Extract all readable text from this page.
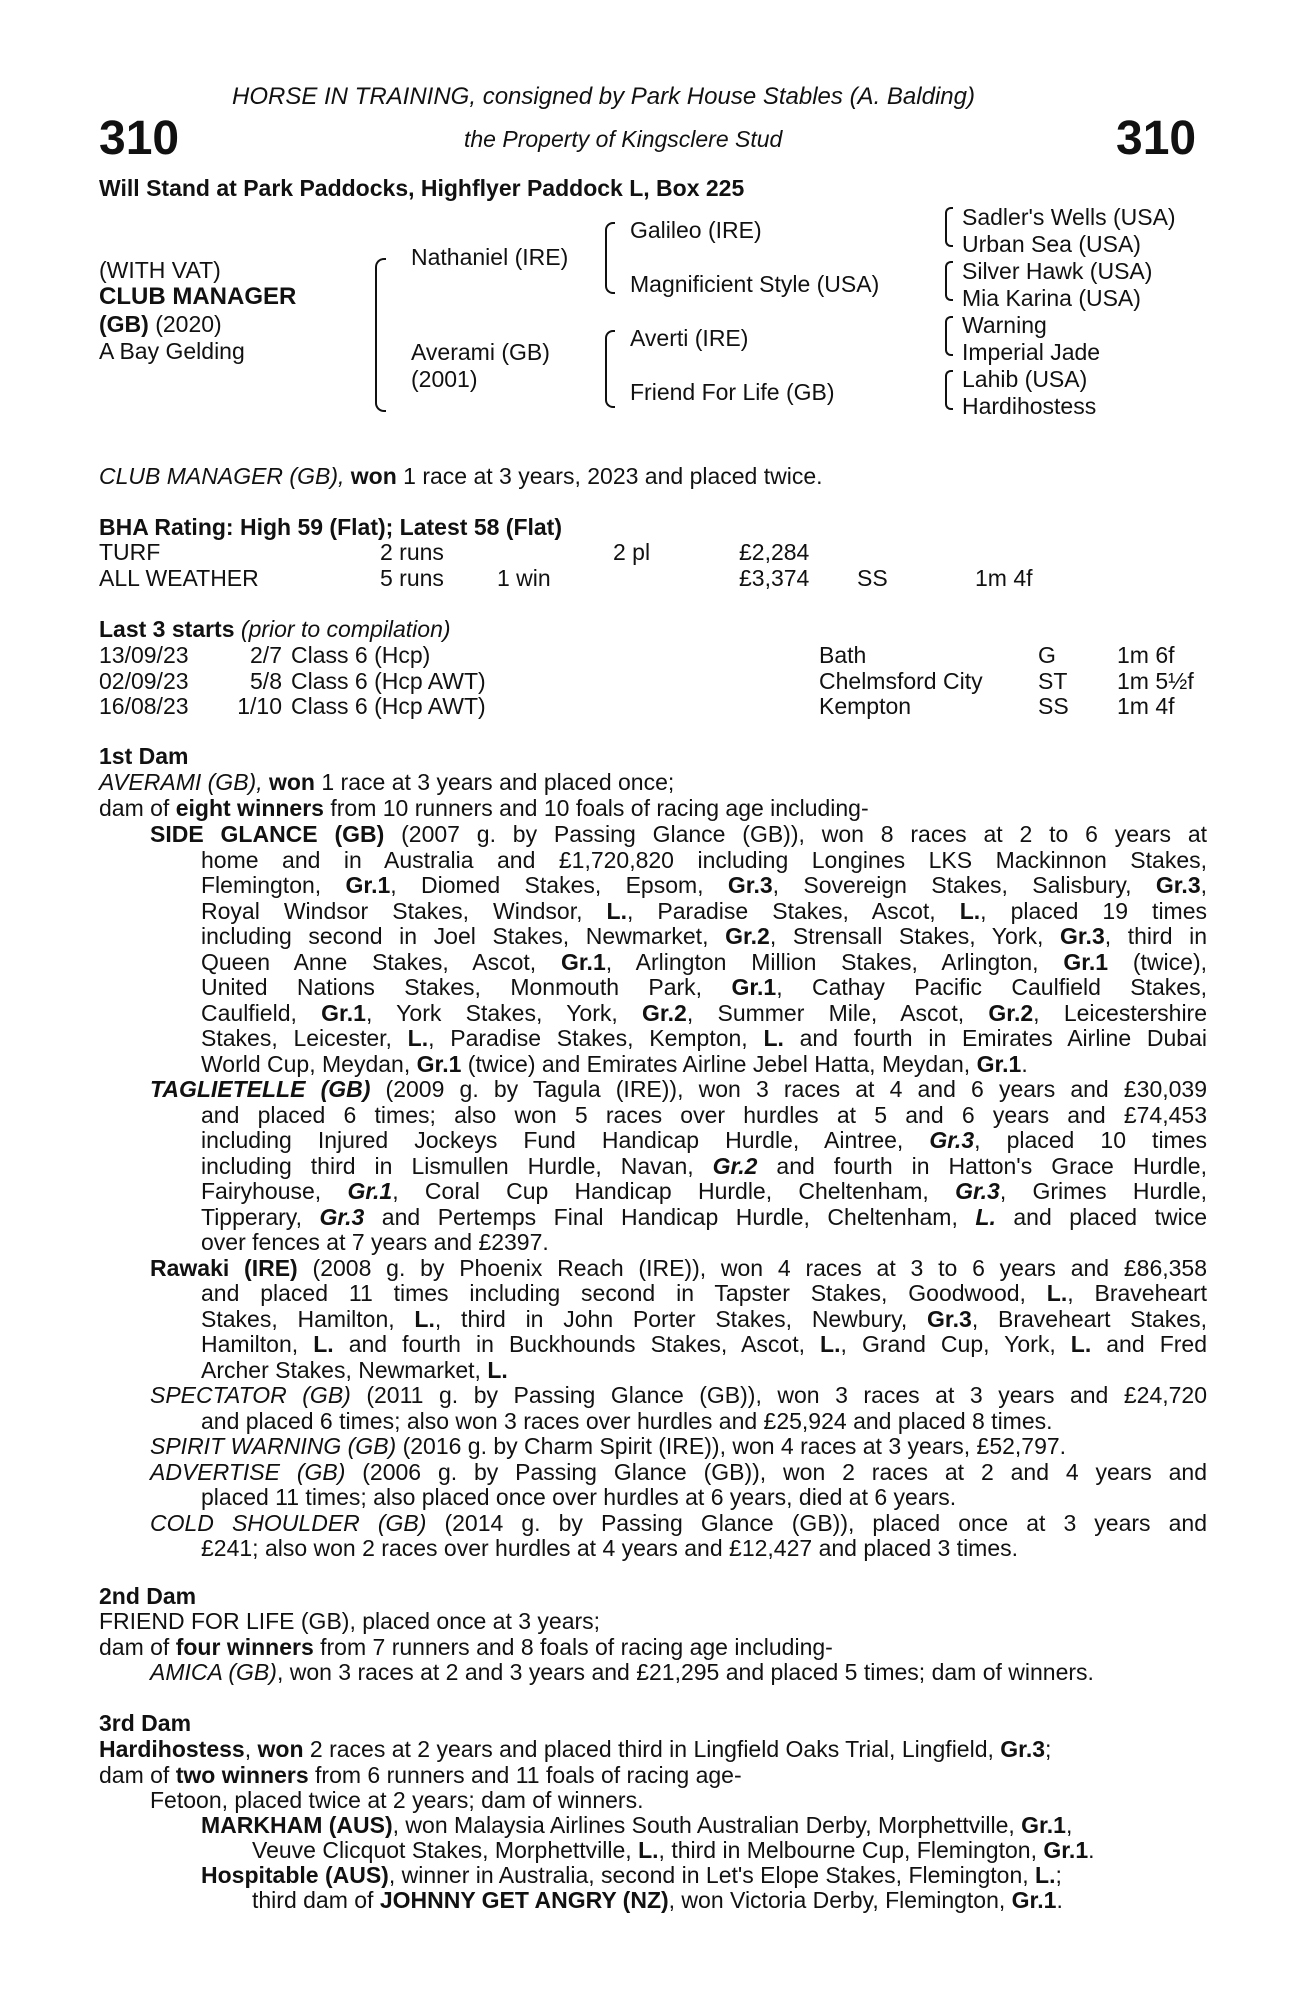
HORSE IN TRAINING, consigned by Park House Stables (A. Balding)
310	the Property of Kingsclere Stud	310
Will Stand at Park Paddocks, Highflyer Paddock L, Box 225
(WITH VAT)
CLUB MANAGER
(GB) (2020)
A Bay Gelding
Nathaniel (IRE)
Averami (GB)
(2001)
Galileo (IRE)
Magnificient Style (USA)
Averti (IRE)
Friend For Life (GB)
Sadler's Wells (USA)
Urban Sea (USA)
Silver Hawk (USA)
Mia Karina (USA)
Warning
Imperial Jade
Lahib (USA)
Hardihostess
CLUB MANAGER (GB), won 1 race at 3 years, 2023 and placed twice.
BHA Rating: High 59 (Flat); Latest 58 (Flat)
TURF	2 runs	2 pl	£2,284
ALL WEATHER	5 runs 1 win	£3,374 SS	1m 4f
Last 3 starts (prior to compilation)
13/09/23	2/7 Class 6 (Hcp)	Bath	G	1m 6f
02/09/23	5/8 Class 6 (Hcp AWT)	Chelmsford City ST 1m 5½f
16/08/23 1/10 Class 6 (Hcp AWT)	Kempton	SS 1m 4f
1st Dam
AVERAMI (GB), won 1 race at 3 years and placed once;
dam of eight winners from 10 runners and 10 foals of racing age including-
SIDE GLANCE (GB) (2007 g. by Passing Glance (GB)), won 8 races at 2 to 6 years at
home and in Australia and £1,720,820 including Longines LKS Mackinnon Stakes,
Flemington, Gr.1, Diomed Stakes, Epsom, Gr.3, Sovereign Stakes, Salisbury, Gr.3,
Royal Windsor Stakes, Windsor, L., Paradise Stakes, Ascot, L., placed 19 times
including second in Joel Stakes, Newmarket, Gr.2, Strensall Stakes, York, Gr.3, third in
Queen Anne Stakes, Ascot, Gr.1, Arlington Million Stakes, Arlington, Gr.1 (twice),
United Nations Stakes, Monmouth Park, Gr.1, Cathay Pacific Caulfield Stakes,
Caulfield, Gr.1, York Stakes, York, Gr.2, Summer Mile, Ascot, Gr.2, Leicestershire
Stakes, Leicester, L., Paradise Stakes, Kempton, L. and fourth in Emirates Airline Dubai
World Cup, Meydan, Gr.1 (twice) and Emirates Airline Jebel Hatta, Meydan, Gr.1.
TAGLIETELLE (GB) (2009 g. by Tagula (IRE)), won 3 races at 4 and 6 years and £30,039
and placed 6 times; also won 5 races over hurdles at 5 and 6 years and £74,453
including Injured Jockeys Fund Handicap Hurdle, Aintree, Gr.3, placed 10 times
including third in Lismullen Hurdle, Navan, Gr.2 and fourth in Hatton's Grace Hurdle,
Fairyhouse, Gr.1, Coral Cup Handicap Hurdle, Cheltenham, Gr.3, Grimes Hurdle,
Tipperary, Gr.3 and Pertemps Final Handicap Hurdle, Cheltenham, L. and placed twice
over fences at 7 years and £2397.
Rawaki (IRE) (2008 g. by Phoenix Reach (IRE)), won 4 races at 3 to 6 years and £86,358
and placed 11 times including second in Tapster Stakes, Goodwood, L., Braveheart
Stakes, Hamilton, L., third in John Porter Stakes, Newbury, Gr.3, Braveheart Stakes,
Hamilton, L. and fourth in Buckhounds Stakes, Ascot, L., Grand Cup, York, L. and Fred
Archer Stakes, Newmarket, L.
SPECTATOR (GB) (2011 g. by Passing Glance (GB)), won 3 races at 3 years and £24,720
and placed 6 times; also won 3 races over hurdles and £25,924 and placed 8 times.
SPIRIT WARNING (GB) (2016 g. by Charm Spirit (IRE)), won 4 races at 3 years, £52,797.
ADVERTISE (GB) (2006 g. by Passing Glance (GB)), won 2 races at 2 and 4 years and
placed 11 times; also placed once over hurdles at 6 years, died at 6 years.
COLD SHOULDER (GB) (2014 g. by Passing Glance (GB)), placed once at 3 years and
£241; also won 2 races over hurdles at 4 years and £12,427 and placed 3 times.
2nd Dam
FRIEND FOR LIFE (GB), placed once at 3 years;
dam of four winners from 7 runners and 8 foals of racing age including-
AMICA (GB), won 3 races at 2 and 3 years and £21,295 and placed 5 times; dam of winners.
3rd Dam
Hardihostess, won 2 races at 2 years and placed third in Lingfield Oaks Trial, Lingfield, Gr.3;
dam of two winners from 6 runners and 11 foals of racing age-
Fetoon, placed twice at 2 years; dam of winners.
MARKHAM (AUS), won Malaysia Airlines South Australian Derby, Morphettville, Gr.1,
Veuve Clicquot Stakes, Morphettville, L., third in Melbourne Cup, Flemington, Gr.1.
Hospitable (AUS), winner in Australia, second in Let's Elope Stakes, Flemington, L.;
third dam of JOHNNY GET ANGRY (NZ), won Victoria Derby, Flemington, Gr.1.
